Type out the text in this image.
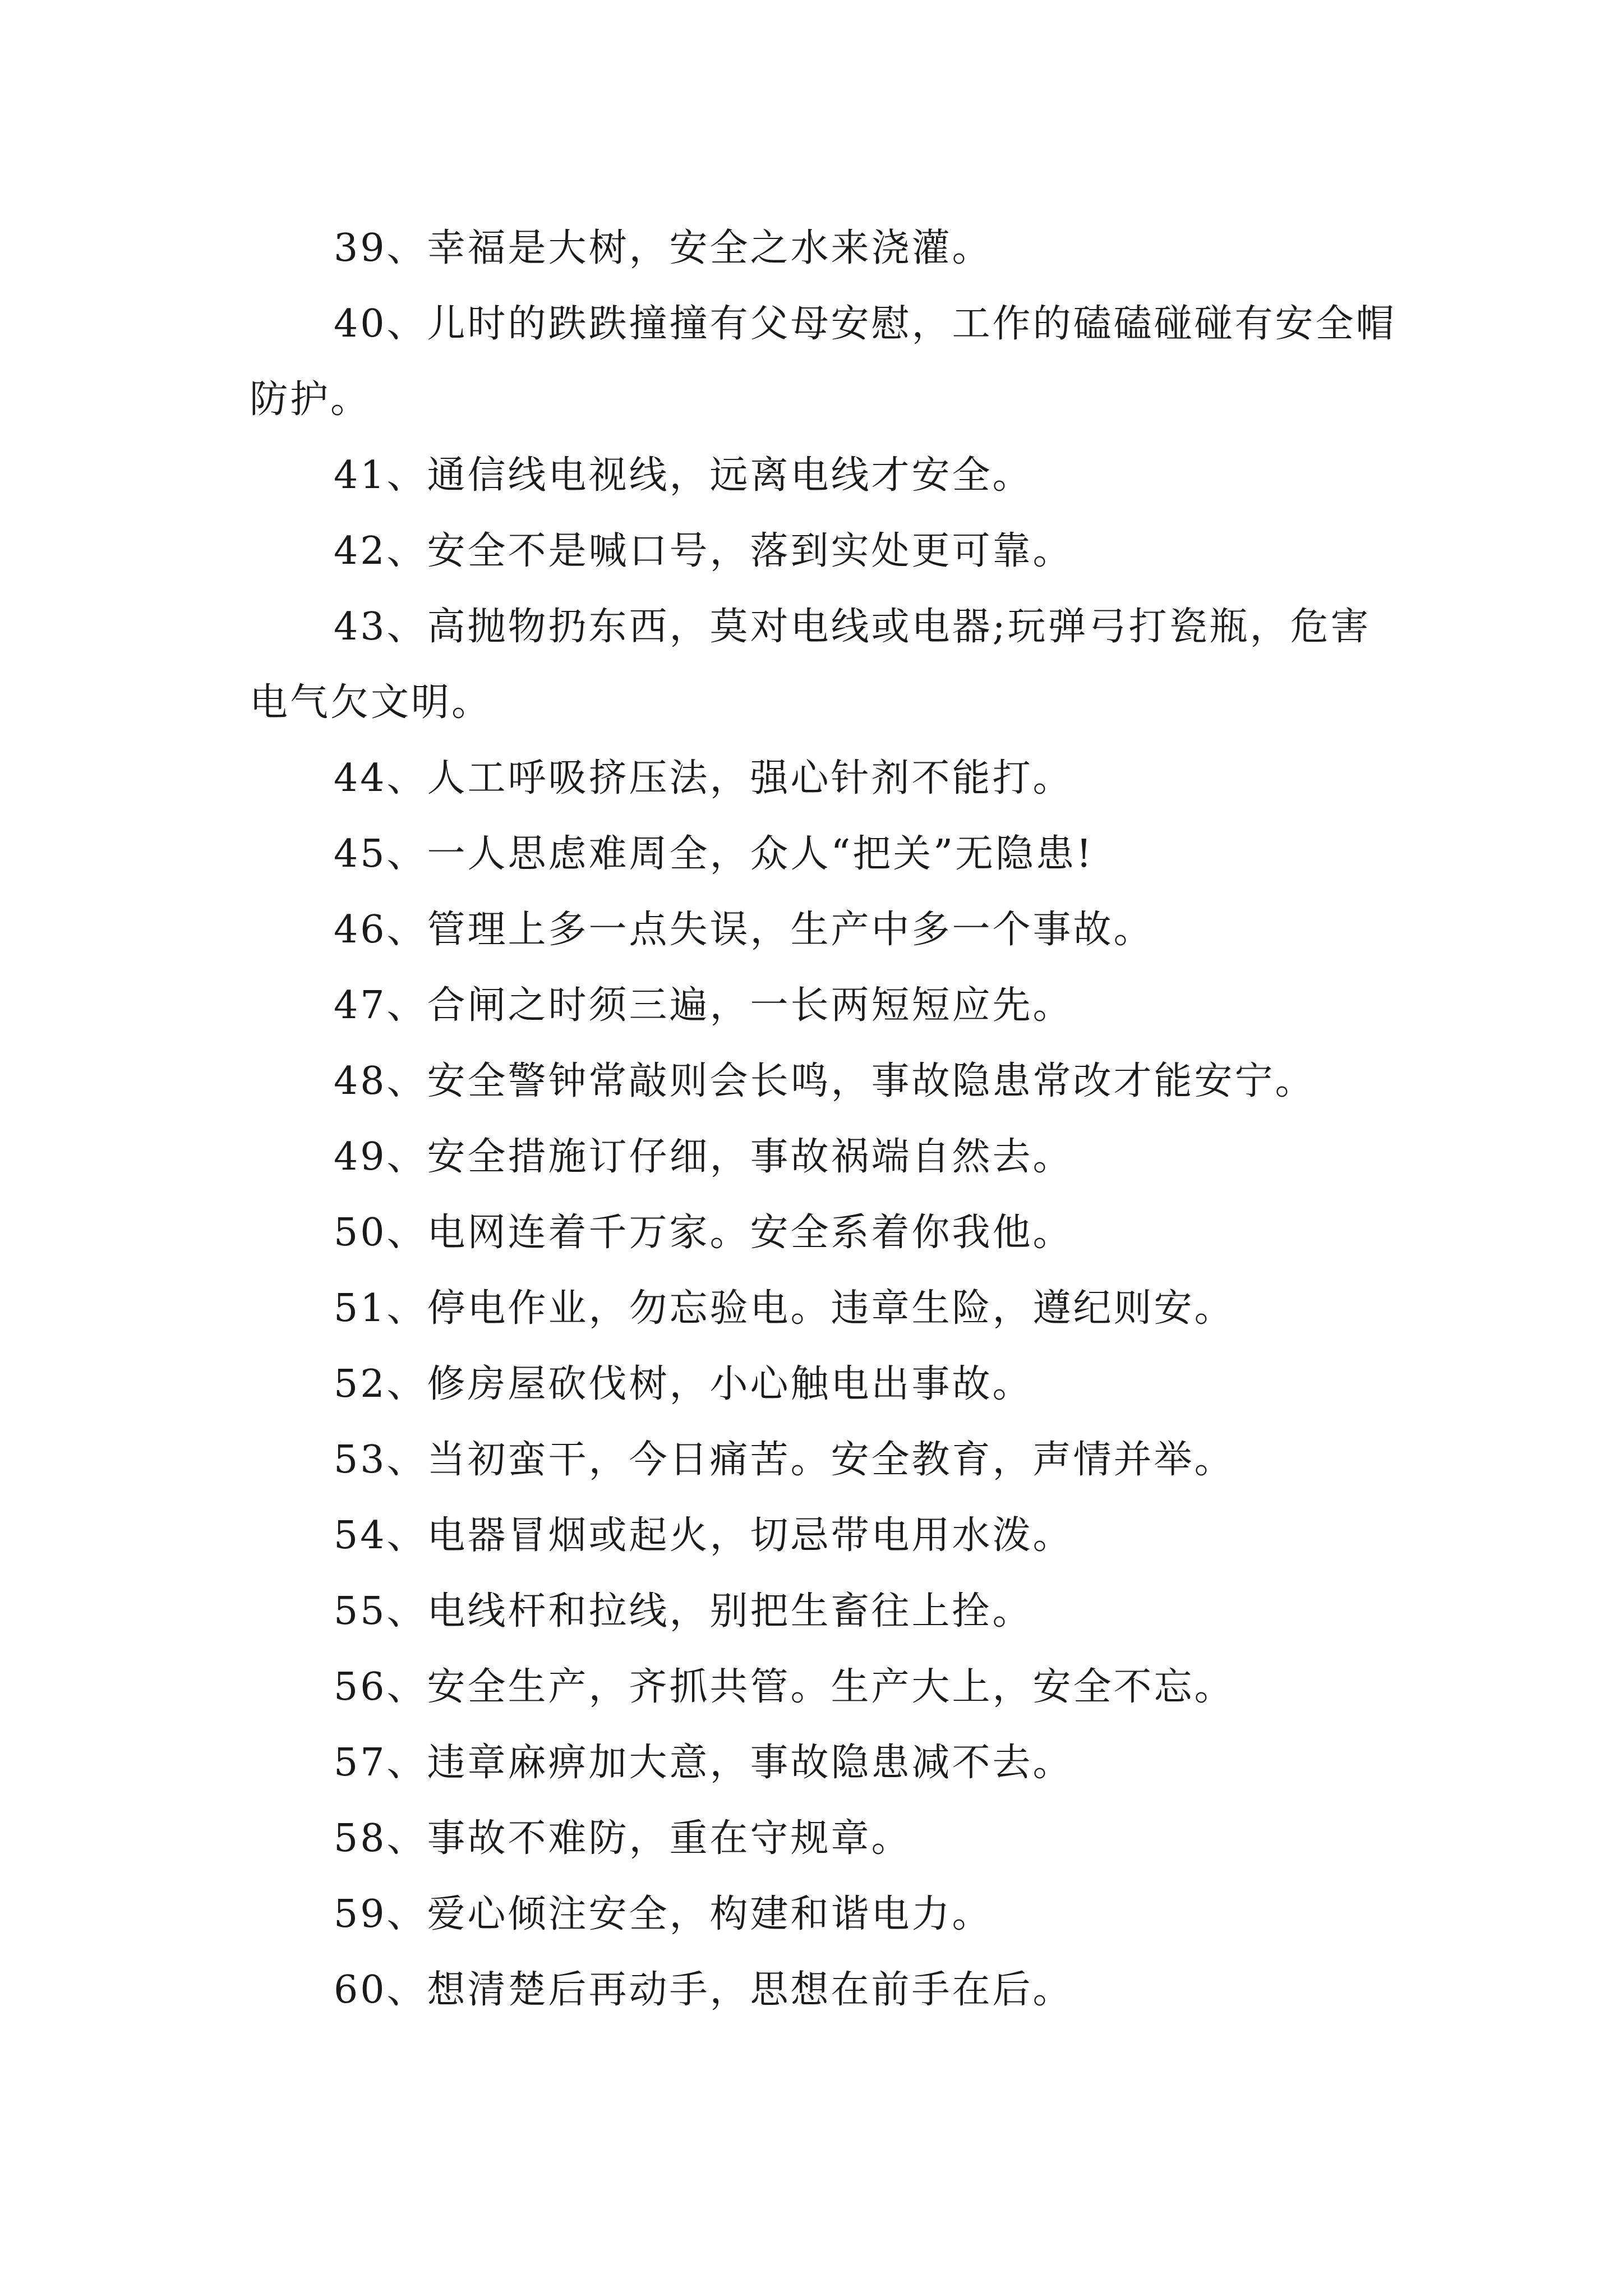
39、幸福是大树，安全之水来浇灌。

40、儿时的跌跌撞撞有父母安慰，工作的磕磕碰碰有安全帽防护。

41、通信线电视线，远离电线才安全。

42、安全不是喊口号，落到实处更可靠。

43、高抛物扔东西，莫对电线或电器;玩弹弓打瓷瓶，危害电气欠文明。

44、人工呼吸挤压法，强心针剂不能打。

45、一人思虑难周全，众人“把关”无隐患!

46、管理上多一点失误，生产中多一个事故。

47、合闸之时须三遍，一长两短短应先。

48、安全警钟常敲则会长鸣，事故隐患常改才能安宁。

49、安全措施订仔细，事故祸端自然去。

50、电网连着千万家。安全系着你我他。

51、停电作业，勿忘验电。违章生险，遵纪则安。

52、修房屋砍伐树，小心触电出事故。

53、当初蛮干，今日痛苦。安全教育，声情并举。

54、电器冒烟或起火，切忌带电用水泼。

55、电线杆和拉线，别把生畜往上拴。

56、安全生产，齐抓共管。生产大上，安全不忘。

57、违章麻痹加大意，事故隐患减不去。

58、事故不难防，重在守规章。

59、爱心倾注安全，构建和谐电力。

60、想清楚后再动手，思想在前手在后。
